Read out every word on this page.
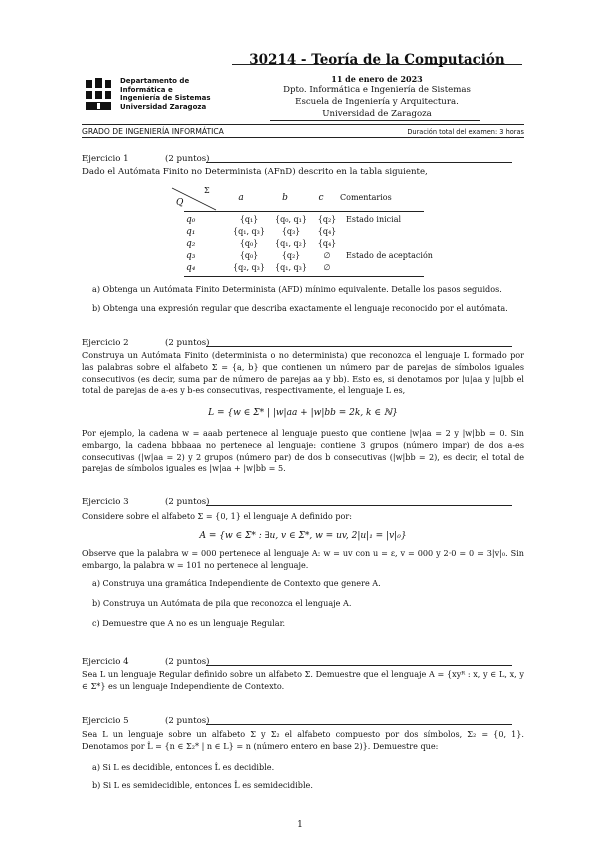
30214 - Teoría de la Computación
11 de enero de 2023
Dpto. Informática e Ingeniería de Sistemas
Escuela de Ingeniería y Arquitectura.
Universidad de Zaragoza
Departamento de
Informática e
Ingeniería de Sistemas
Universidad Zaragoza
GRADO DE INGENIERÍA INFORMÁTICA	Duración total del examen: 3 horas
Ejercicio 1	(2 puntos)
Dado el Autómata Finito no Determinista (AFnD) descrito en la tabla siguiente,
Σ
Q	a	b	c	Comentarios
q₀	{q₁}	{q₀, q₁}	{q₂}	Estado inicial
q₁	{q₁, q₃}	{q₃}	{q₄}	
q₂	{q₀}	{q₁, q₂}	{q₄}	
q₃	{q₀}	{q₂}	∅	Estado de aceptación
q₄	{q₂, q₃}	{q₁, q₃}	∅	
a) Obtenga un Autómata Finito Determinista (AFD) mínimo equivalente. Detalle los pasos seguidos.
b) Obtenga una expresión regular que describa exactamente el lenguaje reconocido por el autómata.
Ejercicio 2	(2 puntos)
Construya un Autómata Finito (determinista o no determinista) que reconozca el lenguaje L formado por las palabras sobre el alfabeto Σ = {a, b} que contienen un número par de parejas de símbolos iguales consecutivos (es decir, suma par de número de parejas aa y bb). Esto es, si denotamos por |u|aa y |u|bb el total de parejas de a-es y b-es consecutivas, respectivamente, el lenguaje L es,
L = {w ∈ Σ* | |w|aa + |w|bb = 2k, k ∈ ℕ}
Por ejemplo, la cadena w = aaab pertenece al lenguaje puesto que contiene |w|aa = 2 y |w|bb = 0. Sin embargo, la cadena bbbaaa no pertenece al lenguaje: contiene 3 grupos (número impar) de dos a-es consecutivas (|w|aa = 2) y 2 grupos (número par) de dos b consecutivas (|w|bb = 2), es decir, el total de parejas de símbolos iguales es |w|aa + |w|bb = 5.
Ejercicio 3	(2 puntos)
Considere sobre el alfabeto Σ = {0, 1} el lenguaje A definido por:
A = {w ∈ Σ* : ∃u, v ∈ Σ*, w = uv, 2|u|₁ = |v|₀}
Observe que la palabra w = 000 pertenece al lenguaje A: w = uv con u = ε, v = 000 y 2·0 = 0 = 3|v|₀. Sin embargo, la palabra w = 101 no pertenece al lenguaje.
a) Construya una gramática Independiente de Contexto que genere A.
b) Construya un Autómata de pila que reconozca el lenguaje A.
c) Demuestre que A no es un lenguaje Regular.
Ejercicio 4	(2 puntos)
Sea L un lenguaje Regular definido sobre un alfabeto Σ. Demuestre que el lenguaje A = {xyᴿ : x, y ∈ L, x, y ∈ Σ*} es un lenguaje Independiente de Contexto.
Ejercicio 5	(2 puntos)
Sea L un lenguaje sobre un alfabeto Σ y Σ₂ el alfabeto compuesto por dos símbolos, Σ₂ = {0, 1}. Denotamos por L̂ = {n ∈ Σ₂* | n ∈ L} = n (número entero en base 2)}. Demuestre que:
a) Si L es decidible, entonces L̂ es decidible.
b) Si L es semidecidible, entonces L̂ es semidecidible.
1
